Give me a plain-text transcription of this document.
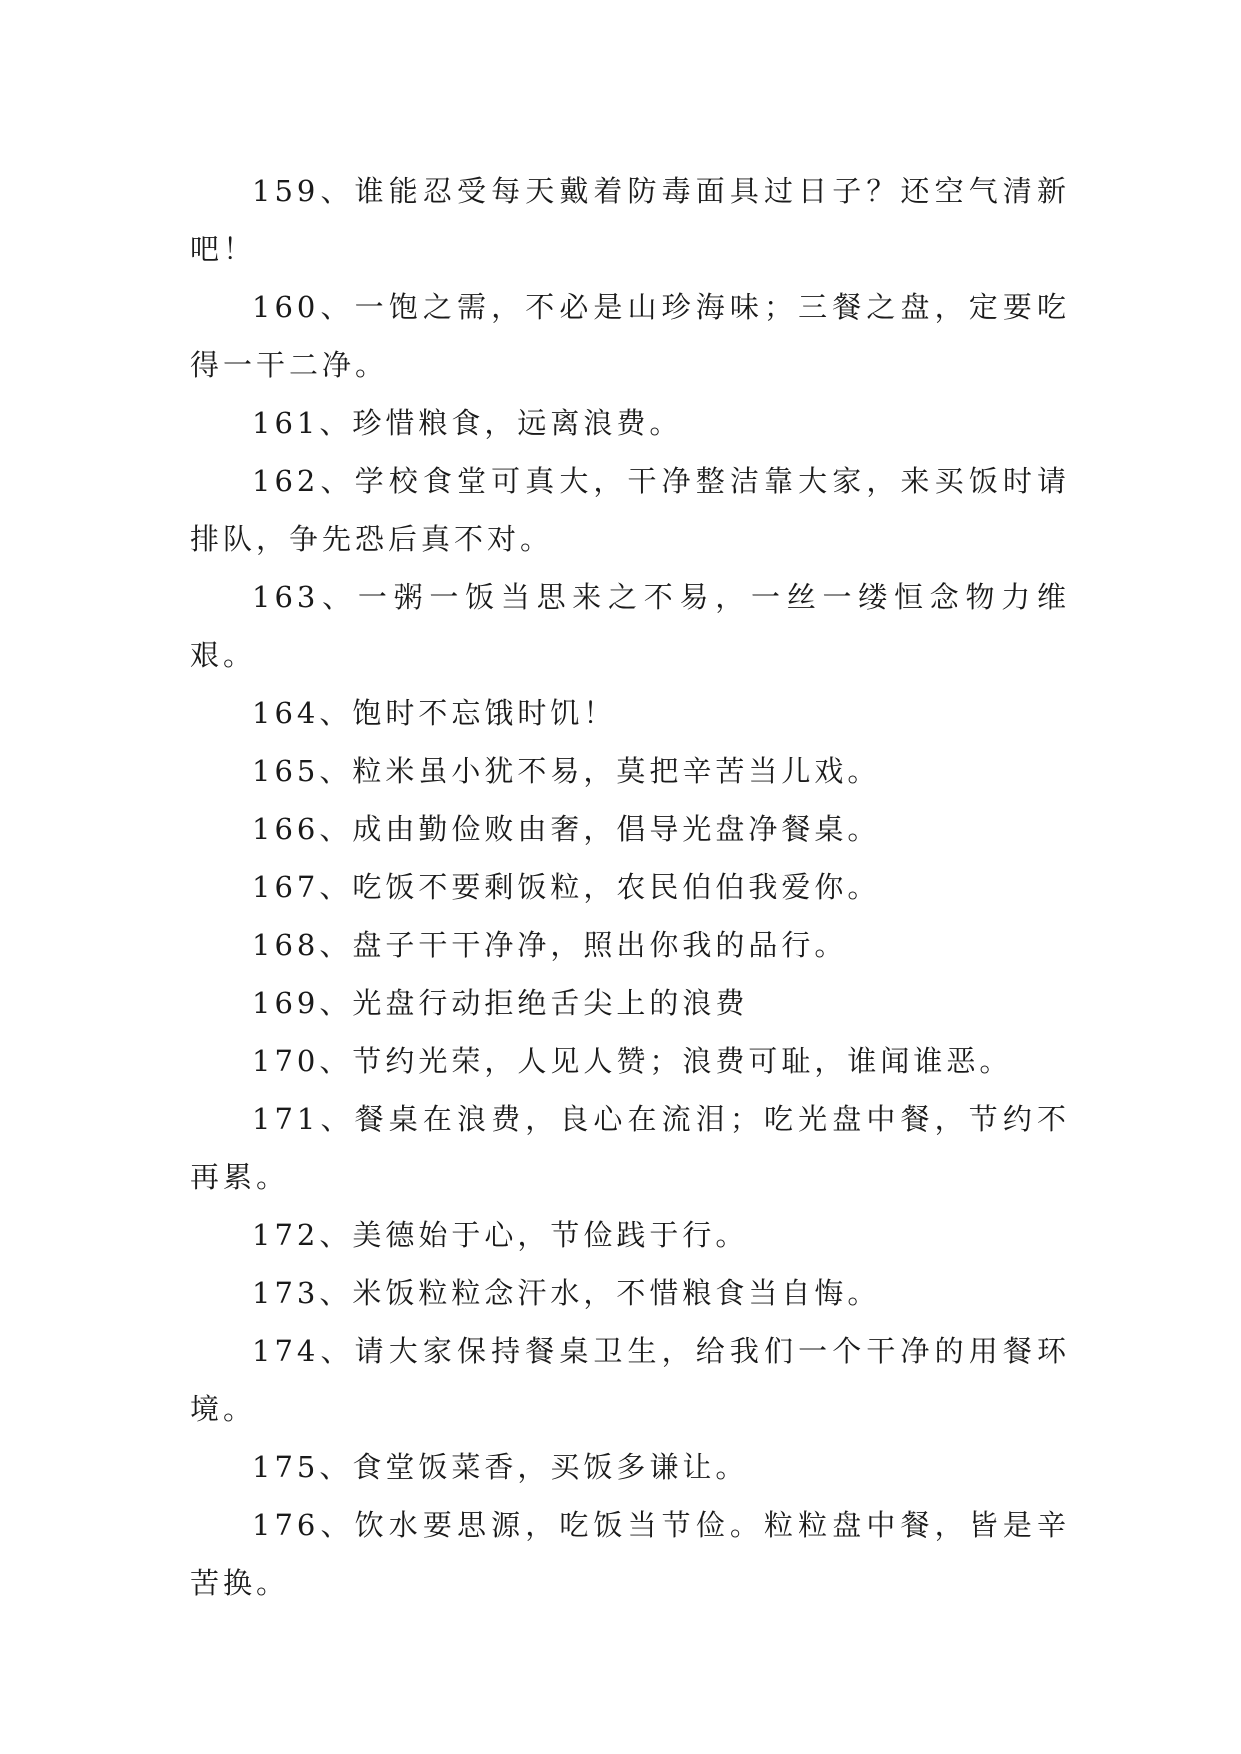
159、谁能忍受每天戴着防毒面具过日子？还空气清新吧！

160、一饱之需，不必是山珍海味；三餐之盘，定要吃得一干二净。

161、珍惜粮食，远离浪费。

162、学校食堂可真大，干净整洁靠大家，来买饭时请排队，争先恐后真不对。

163、一粥一饭当思来之不易，一丝一缕恒念物力维艰。

164、饱时不忘饿时饥！

165、粒米虽小犹不易，莫把辛苦当儿戏。

166、成由勤俭败由奢，倡导光盘净餐桌。

167、吃饭不要剩饭粒，农民伯伯我爱你。

168、盘子干干净净，照出你我的品行。

169、光盘行动拒绝舌尖上的浪费

170、节约光荣，人见人赞；浪费可耻，谁闻谁恶。

171、餐桌在浪费，良心在流泪；吃光盘中餐，节约不再累。

172、美德始于心，节俭践于行。

173、米饭粒粒念汗水，不惜粮食当自悔。

174、请大家保持餐桌卫生，给我们一个干净的用餐环境。

175、食堂饭菜香，买饭多谦让。

176、饮水要思源，吃饭当节俭。粒粒盘中餐，皆是辛苦换。
